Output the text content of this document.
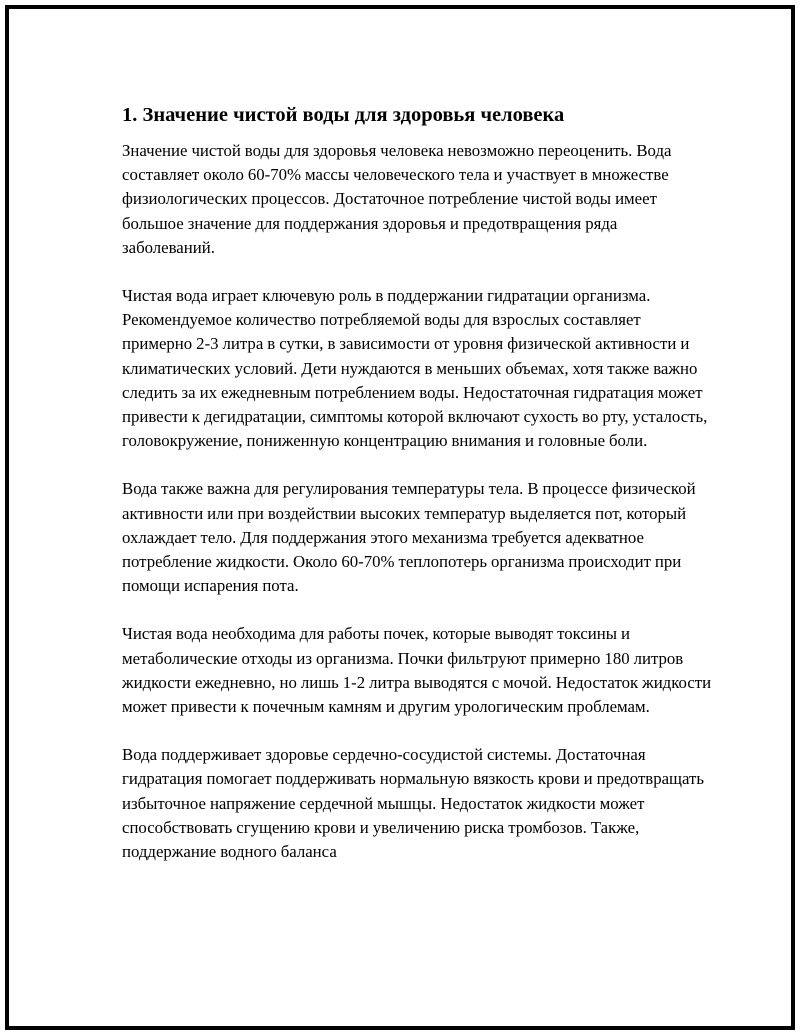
1. Значение чистой воды для здоровья человека

Значение чистой воды для здоровья человека невозможно переоценить. Вода составляет около 60-70% массы человеческого тела и участвует в множестве физиологических процессов. Достаточное потребление чистой воды имеет большое значение для поддержания здоровья и предотвращения ряда заболеваний.

Чистая вода играет ключевую роль в поддержании гидратации организма. Рекомендуемое количество потребляемой воды для взрослых составляет примерно 2-3 литра в сутки, в зависимости от уровня физической активности и климатических условий. Дети нуждаются в меньших объемах, хотя также важно следить за их ежедневным потреблением воды. Недостаточная гидратация может привести к дегидратации, симптомы которой включают сухость во рту, усталость, головокружение, пониженную концентрацию внимания и головные боли.

Вода также важна для регулирования температуры тела. В процессе физической активности или при воздействии высоких температур выделяется пот, который охлаждает тело. Для поддержания этого механизма требуется адекватное потребление жидкости. Около 60-70% теплопотерь организма происходит при помощи испарения пота.

Чистая вода необходима для работы почек, которые выводят токсины и метаболические отходы из организма. Почки фильтруют примерно 180 литров жидкости ежедневно, но лишь 1-2 литра выводятся с мочой. Недостаток жидкости может привести к почечным камням и другим урологическим проблемам.

Вода поддерживает здоровье сердечно-сосудистой системы. Достаточная гидратация помогает поддерживать нормальную вязкость крови и предотвращать избыточное напряжение сердечной мышцы. Недостаток жидкости может способствовать сгущению крови и увеличению риска тромбозов. Также, поддержание водного баланса
